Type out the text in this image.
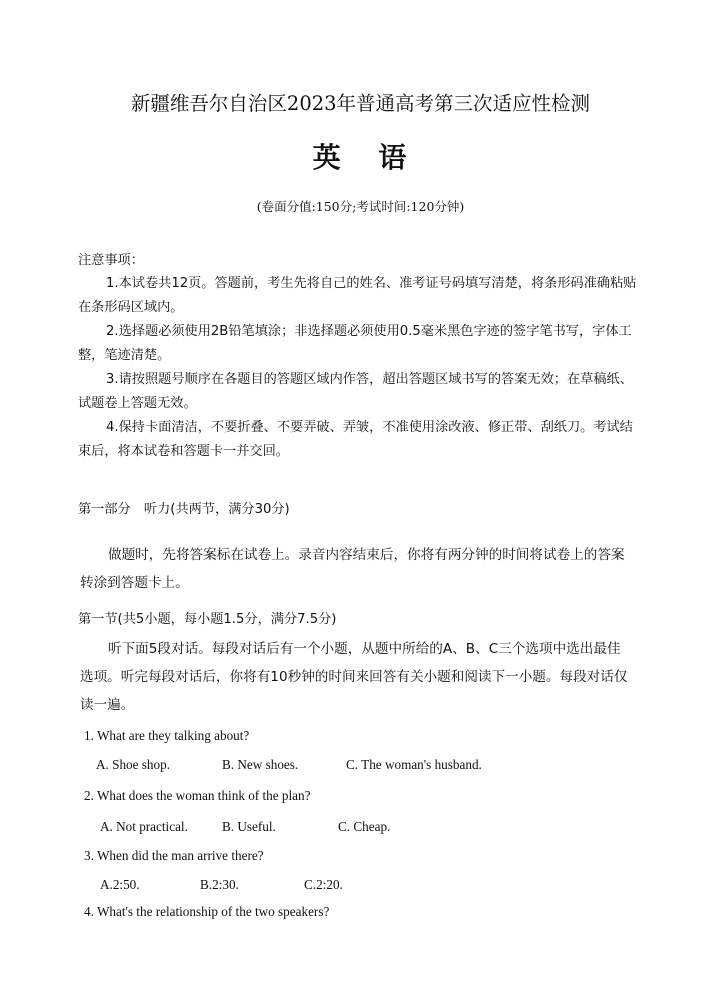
新疆维吾尔自治区2023年普通高考第三次适应性检测
英 语
(卷面分值:150分;考试时间:120分钟)
注意事项：

1.本试卷共12页。答题前，考生先将自己的姓名、准考证号码填写清楚，将条形码准确粘贴在条形码区域内。

2.选择题必须使用2B铅笔填涂；非选择题必须使用0.5毫米黑色字迹的签字笔书写，字体工整，笔迹清楚。

3.请按照题号顺序在各题目的答题区域内作答，超出答题区域书写的答案无效；在草稿纸、试题卷上答题无效。

4.保持卡面清洁，不要折叠、不要弄破、弄皱，不准使用涂改液、修正带、刮纸刀。考试结束后，将本试卷和答题卡一并交回。

第一部分　听力(共两节，满分30分)
做题时，先将答案标在试卷上。录音内容结束后，你将有两分钟的时间将试卷上的答案
转涂到答题卡上。
第一节(共5小题，每小题1.5分，满分7.5分)
听下面5段对话。每段对话后有一个小题，从题中所给的A、B、C三个选项中选出最佳
选项。听完每段对话后，你将有10秒钟的时间来回答有关小题和阅读下一小题。每段对话仅
读一遍。
1. What are they talking about?
A. Shoe shop.	B. New shoes.	C. The woman's husband.
2. What does the woman think of the plan?
A. Not practical.	B. Useful.	C. Cheap.
3. When did the man arrive there?
A.2:50.	B.2:30.	C.2:20.
4. What's the relationship of the two speakers?
